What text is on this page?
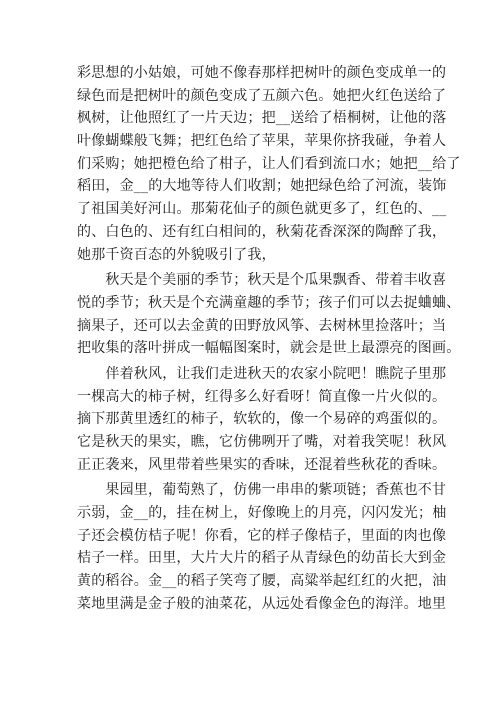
彩思想的小姑娘，可她不像春那样把树叶的颜色变成单一的
绿色而是把树叶的颜色变成了五颜六色。她把火红色送给了
枫树，让他照红了一片天边；把__送给了梧桐树，让他的落
叶像蝴蝶般飞舞；把红色给了苹果，苹果你挤我碰，争着人
们采购；她把橙色给了柑子，让人们看到流口水；她把__给了
稻田，金__的大地等待人们收割；她把绿色给了河流，装饰
了祖国美好河山。那菊花仙子的颜色就更多了，红色的、__
的、白色的、还有红白相间的，秋菊花香深深的陶醉了我，
她那千资百态的外貌吸引了我，
　　秋天是个美丽的季节；秋天是个瓜果飘香、带着丰收喜
悦的季节；秋天是个充满童趣的季节；孩子们可以去捉蛐蛐、
摘果子，还可以去金黄的田野放风筝、去树林里捡落叶；当
把收集的落叶拼成一幅幅图案时，就会是世上最漂亮的图画。
　　伴着秋风，让我们走进秋天的农家小院吧！瞧院子里那
一棵高大的柿子树，红得多么好看呀！简直像一片火似的。
摘下那黄里透红的柿子，软软的，像一个易碎的鸡蛋似的。
它是秋天的果实，瞧，它仿佛咧开了嘴，对着我笑呢！秋风
正正袭来，风里带着些果实的香味，还混着些秋花的香味。
　　果园里，葡萄熟了，仿佛一串串的紫项链；香蕉也不甘
示弱，金__的，挂在树上，好像晚上的月亮，闪闪发光；柚
子还会模仿桔子呢！你看，它的样子像桔子，里面的肉也像
桔子一样。田里，大片大片的稻子从青绿色的幼苗长大到金
黄的稻谷。金__的稻子笑弯了腰，高粱举起红红的火把，油
菜地里满是金子般的油菜花，从远处看像金色的海洋。地里
